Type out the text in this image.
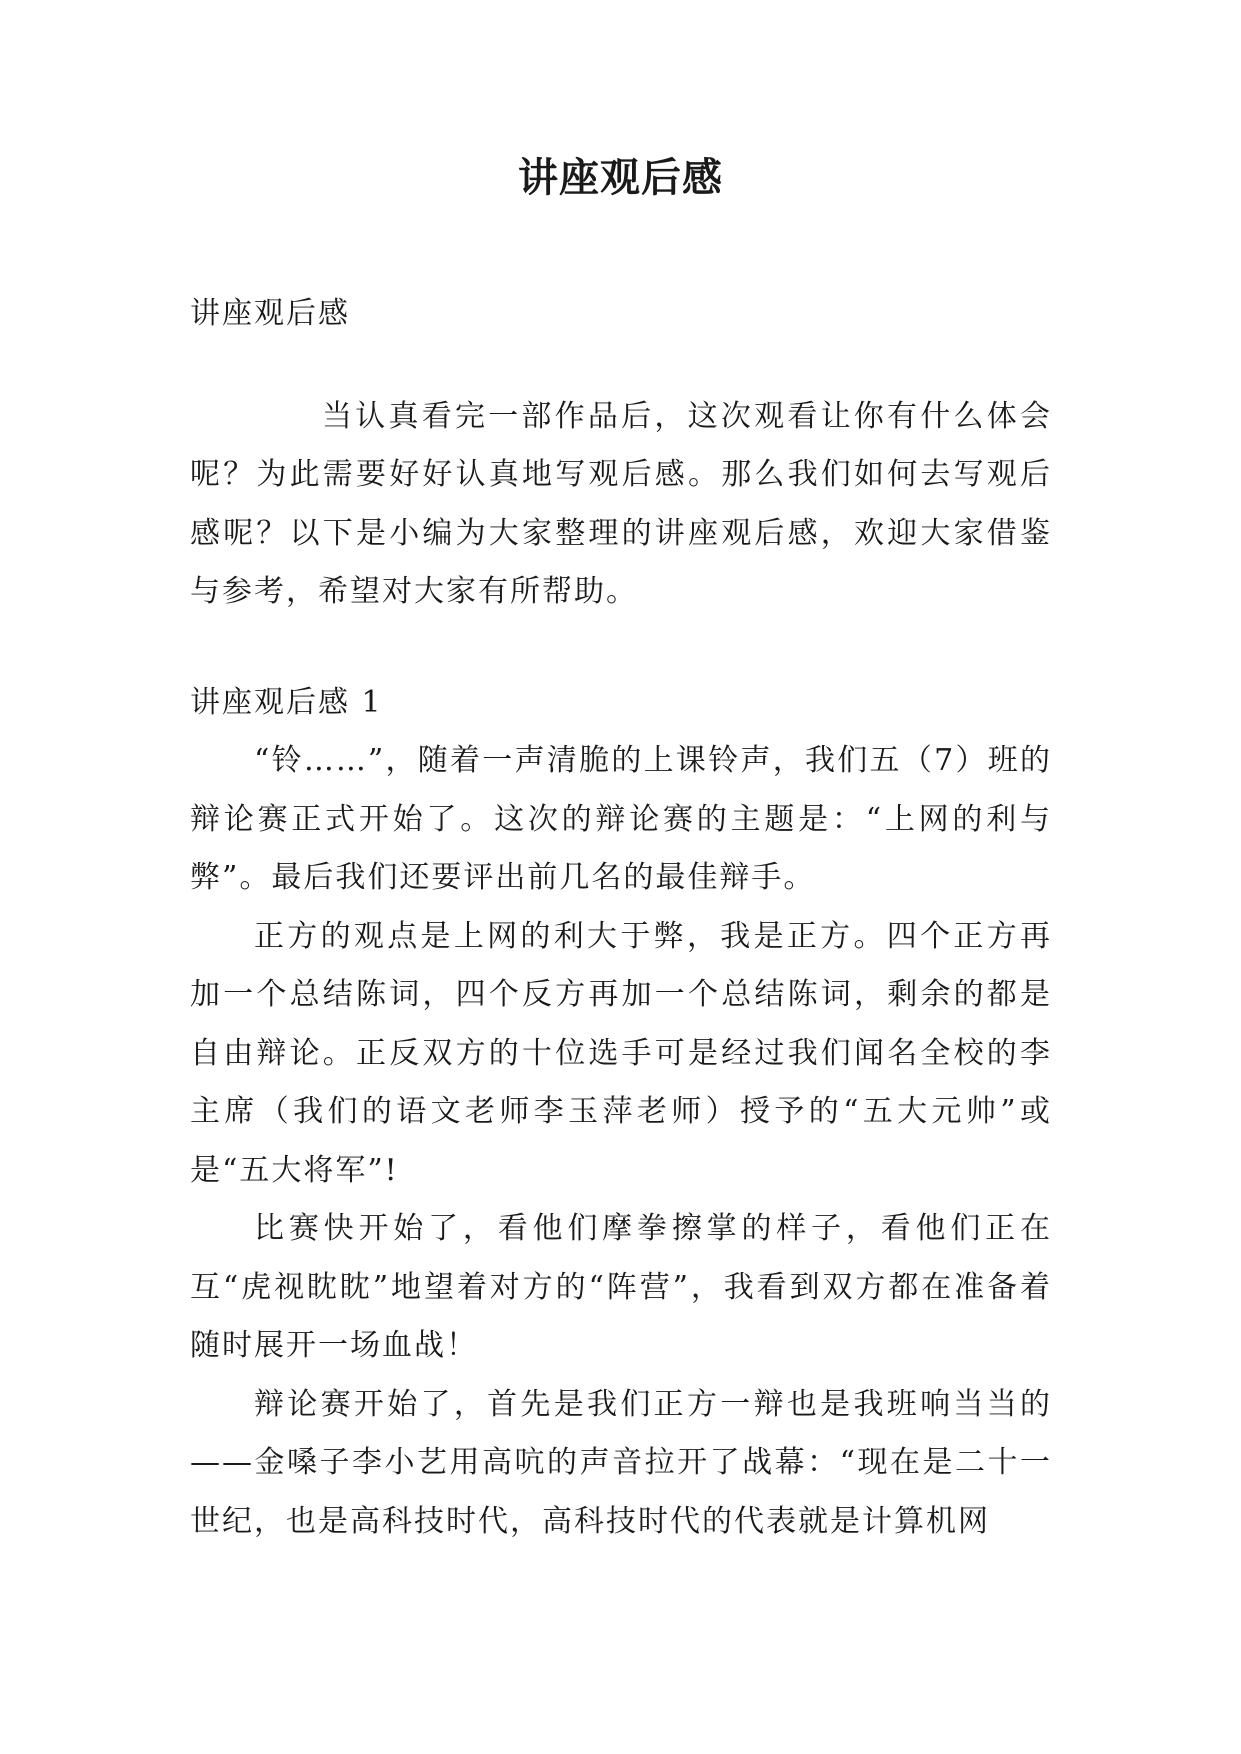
讲座观后感

讲座观后感

当认真看完一部作品后，这次观看让你有什么体会呢？为此需要好好认真地写观后感。那么我们如何去写观后感呢？以下是小编为大家整理的讲座观后感，欢迎大家借鉴与参考，希望对大家有所帮助。

讲座观后感 1

“铃……”，随着一声清脆的上课铃声，我们五（7）班的辩论赛正式开始了。这次的辩论赛的主题是：“上网的利与弊”。最后我们还要评出前几名的最佳辩手。

正方的观点是上网的利大于弊，我是正方。四个正方再加一个总结陈词，四个反方再加一个总结陈词，剩余的都是自由辩论。正反双方的十位选手可是经过我们闻名全校的李主席（我们的语文老师李玉萍老师）授予的“五大元帅”或是“五大将军”!

比赛快开始了，看他们摩拳擦掌的样子，看他们正在互“虎视眈眈”地望着对方的“阵营”，我看到双方都在准备着随时展开一场血战！

辩论赛开始了，首先是我们正方一辩也是我班响当当的——金嗓子李小艺用高吭的声音拉开了战幕：“现在是二十一世纪，也是高科技时代，高科技时代的代表就是计算机网
